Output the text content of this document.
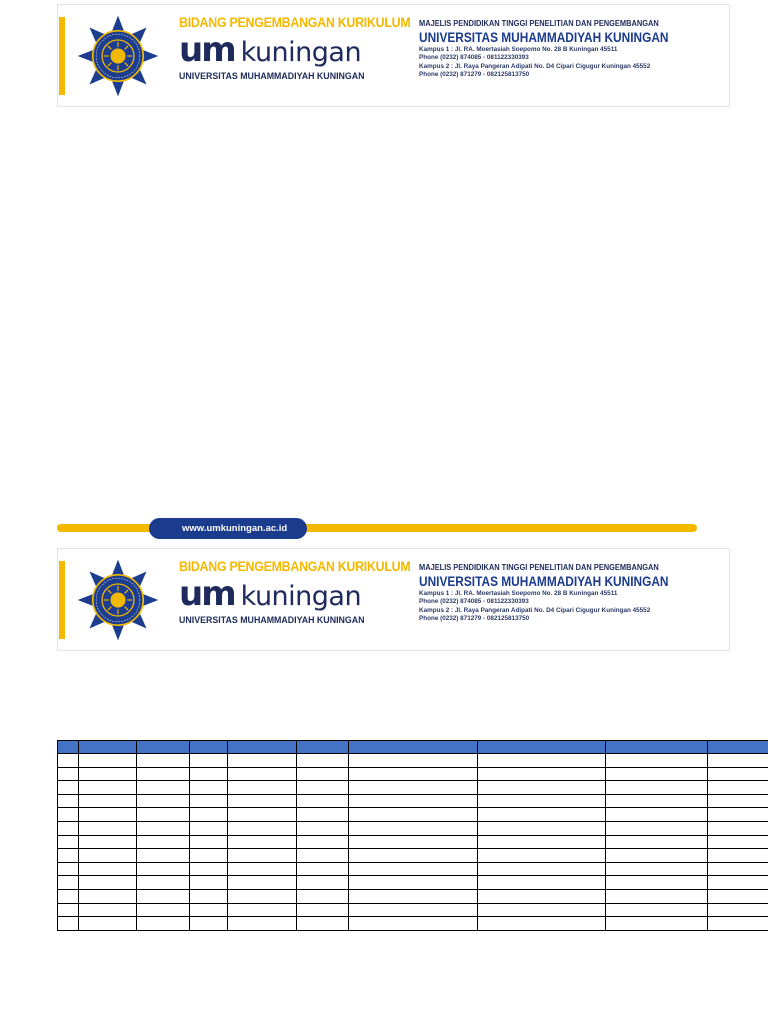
BIDANG PENGEMBANGAN KURIKULUM
um kuningan
UNIVERSITAS MUHAMMADIYAH KUNINGAN
MAJELIS PENDIDIKAN TINGGI PENELITIAN DAN PENGEMBANGAN
UNIVERSITAS MUHAMMADIYAH KUNINGAN
Kampus 1 : Jl. RA. Moertasiah Soepomo No. 28 B Kuningan 45511
Phone (0232) 874085 - 081122330393
Kampus 2 : Jl. Raya Pangeran Adipati No. D4 Cipari Cigugur Kuningan 45552
Phone (0232) 871279 - 082125813750
www.umkuningan.ac.id
BIDANG PENGEMBANGAN KURIKULUM
um kuningan
UNIVERSITAS MUHAMMADIYAH KUNINGAN
MAJELIS PENDIDIKAN TINGGI PENELITIAN DAN PENGEMBANGAN
UNIVERSITAS MUHAMMADIYAH KUNINGAN
Kampus 1 : Jl. RA. Moertasiah Soepomo No. 28 B Kuningan 45511
Phone (0232) 874085 - 081122330393
Kampus 2 : Jl. Raya Pangeran Adipati No. D4 Cipari Cigugur Kuningan 45552
Phone (0232) 871279 - 082125813750
